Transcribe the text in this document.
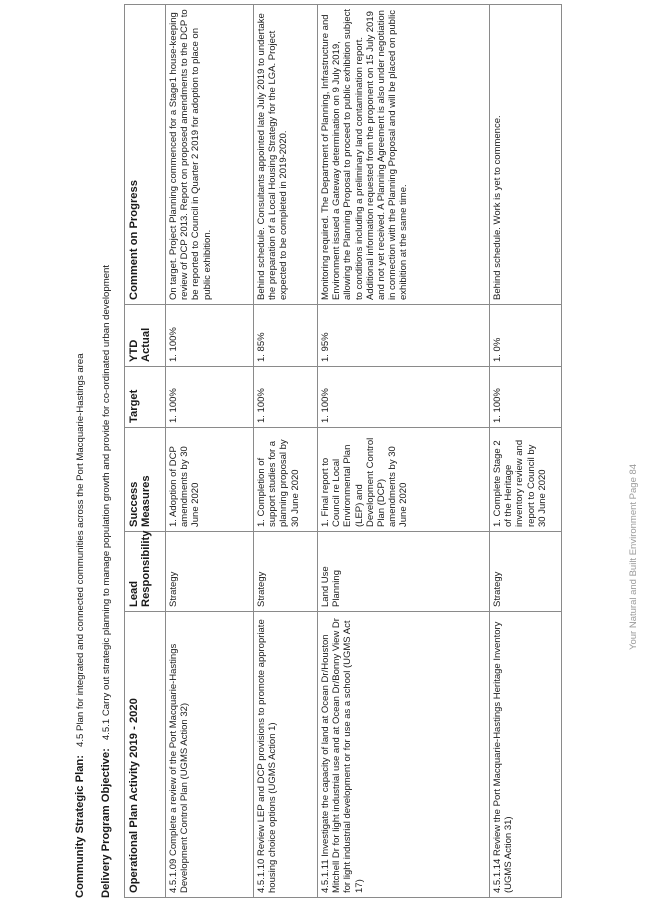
Community Strategic Plan:4.5 Plan for integrated and connected communities across the Port Macquarie-Hastings area
Delivery Program Objective:4.5.1 Carry out strategic planning to manage population growth and provide for co-ordinated urban development
Operational Plan Activity 2019 - 2020	Lead Responsibility	Success Measures	Target	YTD Actual	Comment on Progress
4.5.1.09 Complete a review of the Port Macquarie-Hastings Development Control Plan (UGMS Action 32)	Strategy	1. Adoption of DCP amendments by 30 June 2020	1. 100%	1. 100%	On target. Project Planning commenced for a Stage1 house-keeping review of DCP 2013. Report on proposed amendments to the DCP to be reported to Council in Quarter 2 2019 for adoption to place on public exhibition.
4.5.1.10 Review LEP and DCP provisions to promote appropriate housing choice options (UGMS Action 1)	Strategy	1. Completion of support studies for a planning proposal by 30 June 2020	1. 100%	1. 85%	Behind schedule. Consultants appointed late July 2019 to undertake the preparation of a Local Housing Strategy for the LGA. Project expected to be completed in 2019-2020.
4.5.1.11 Investigate the capacity of land at Ocean Dr/Houston Mitchell Dr for light industrial use and at Ocean Dr/Bonny View Dr for light industrial development or for use as a school (UGMS Act 17)	Land Use Planning	1. Final report to Council re Local Environmental Plan (LEP) and Development Control Plan (DCP) amendments by 30 June 2020	1. 100%	1. 95%	Monitoring required. The Department of Planning, Infrastructure and Environment issued a Gateway determination on 9 July 2019, allowing the Planning Proposal to proceed to public exhibition subject to conditions including a preliminary land contamination report. Additional information requested from the proponent on 15 July 2019 and not yet received. A Planning Agreement is also under negotiation in connection with the Planning Proposal and will be placed on public exhibition at the same time.
4.5.1.14 Review the Port Macquarie-Hastings Heritage Inventory (UGMS Action 31)	Strategy	1. Complete Stage 2 of the Heritage inventory review and report to Council by 30 June 2020	1. 100%	1. 0%	Behind schedule. Work is yet to commence.
Your Natural and Built Environment Page 84
